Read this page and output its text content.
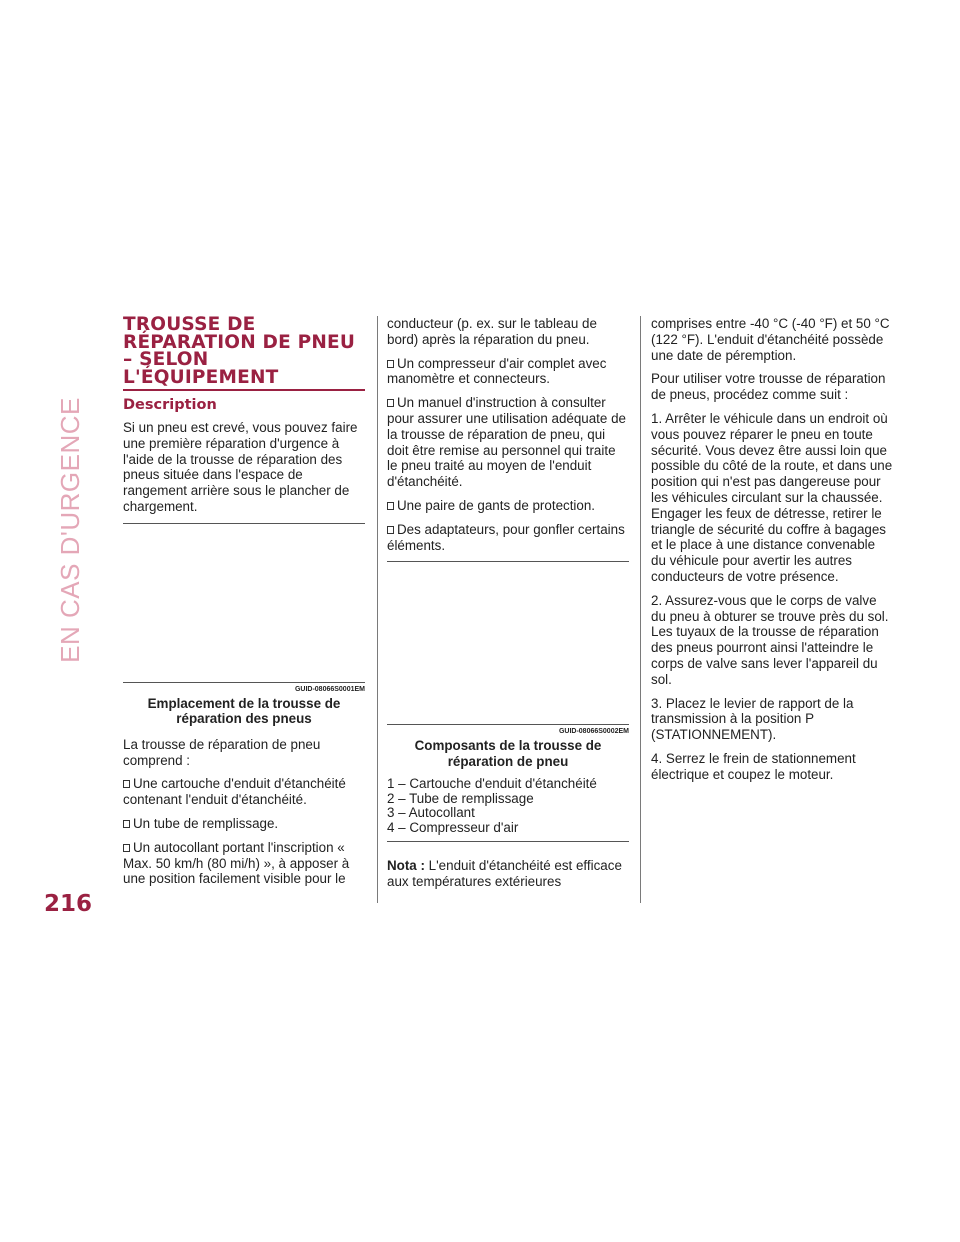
EN CAS D'URGENCE
216
TROUSSE DE RÉPARATION DE PNEU – SELON L'ÉQUIPEMENT
Description

Si un pneu est crevé, vous pouvez faire une première réparation d'urgence à l'aide de la trousse de réparation des pneus située dans l'espace de rangement arrière sous le plancher de chargement.

GUID-08066S0001EM
Emplacement de la trousse de réparation des pneus

La trousse de réparation de pneu comprend :

Une cartouche d'enduit d'étanchéité contenant l'enduit d'étanchéité.
Un tube de remplissage.
Un autocollant portant l'inscription « Max. 50 km/h (80 mi/h) », à apposer à une position facilement visible pour le

conducteur (p. ex. sur le tableau de bord) après la réparation du pneu.

Un compresseur d'air complet avec manomètre et connecteurs.
Un manuel d'instruction à consulter pour assurer une utilisation adéquate de la trousse de réparation de pneu, qui doit être remise au personnel qui traite le pneu traité au moyen de l'enduit d'étanchéité.
Une paire de gants de protection.
Des adaptateurs, pour gonfler certains éléments.
GUID-08066S0002EM
Composants de la trousse de réparation de pneu

1 – Cartouche d'enduit d'étanchéité

2 – Tube de remplissage

3 – Autocollant

4 – Compresseur d'air

Nota : L'enduit d'étanchéité est efficace aux températures extérieures

comprises entre -40 °C (-40 °F) et 50 °C (122 °F). L'enduit d'étanchéité possède une date de péremption.

Pour utiliser votre trousse de réparation de pneus, procédez comme suit :

1. Arrêter le véhicule dans un endroit où vous pouvez réparer le pneu en toute sécurité. Vous devez être aussi loin que possible du côté de la route, et dans une position qui n'est pas dangereuse pour les véhicules circulant sur la chaussée. Engager les feux de détresse, retirer le triangle de sécurité du coffre à bagages et le place à une distance convenable du véhicule pour avertir les autres conducteurs de votre présence.

2. Assurez-vous que le corps de valve du pneu à obturer se trouve près du sol. Les tuyaux de la trousse de réparation des pneus pourront ainsi l'atteindre le corps de valve sans lever l'appareil du sol.

3. Placez le levier de rapport de la transmission à la position P (STATIONNEMENT).

4. Serrez le frein de stationnement électrique et coupez le moteur.
